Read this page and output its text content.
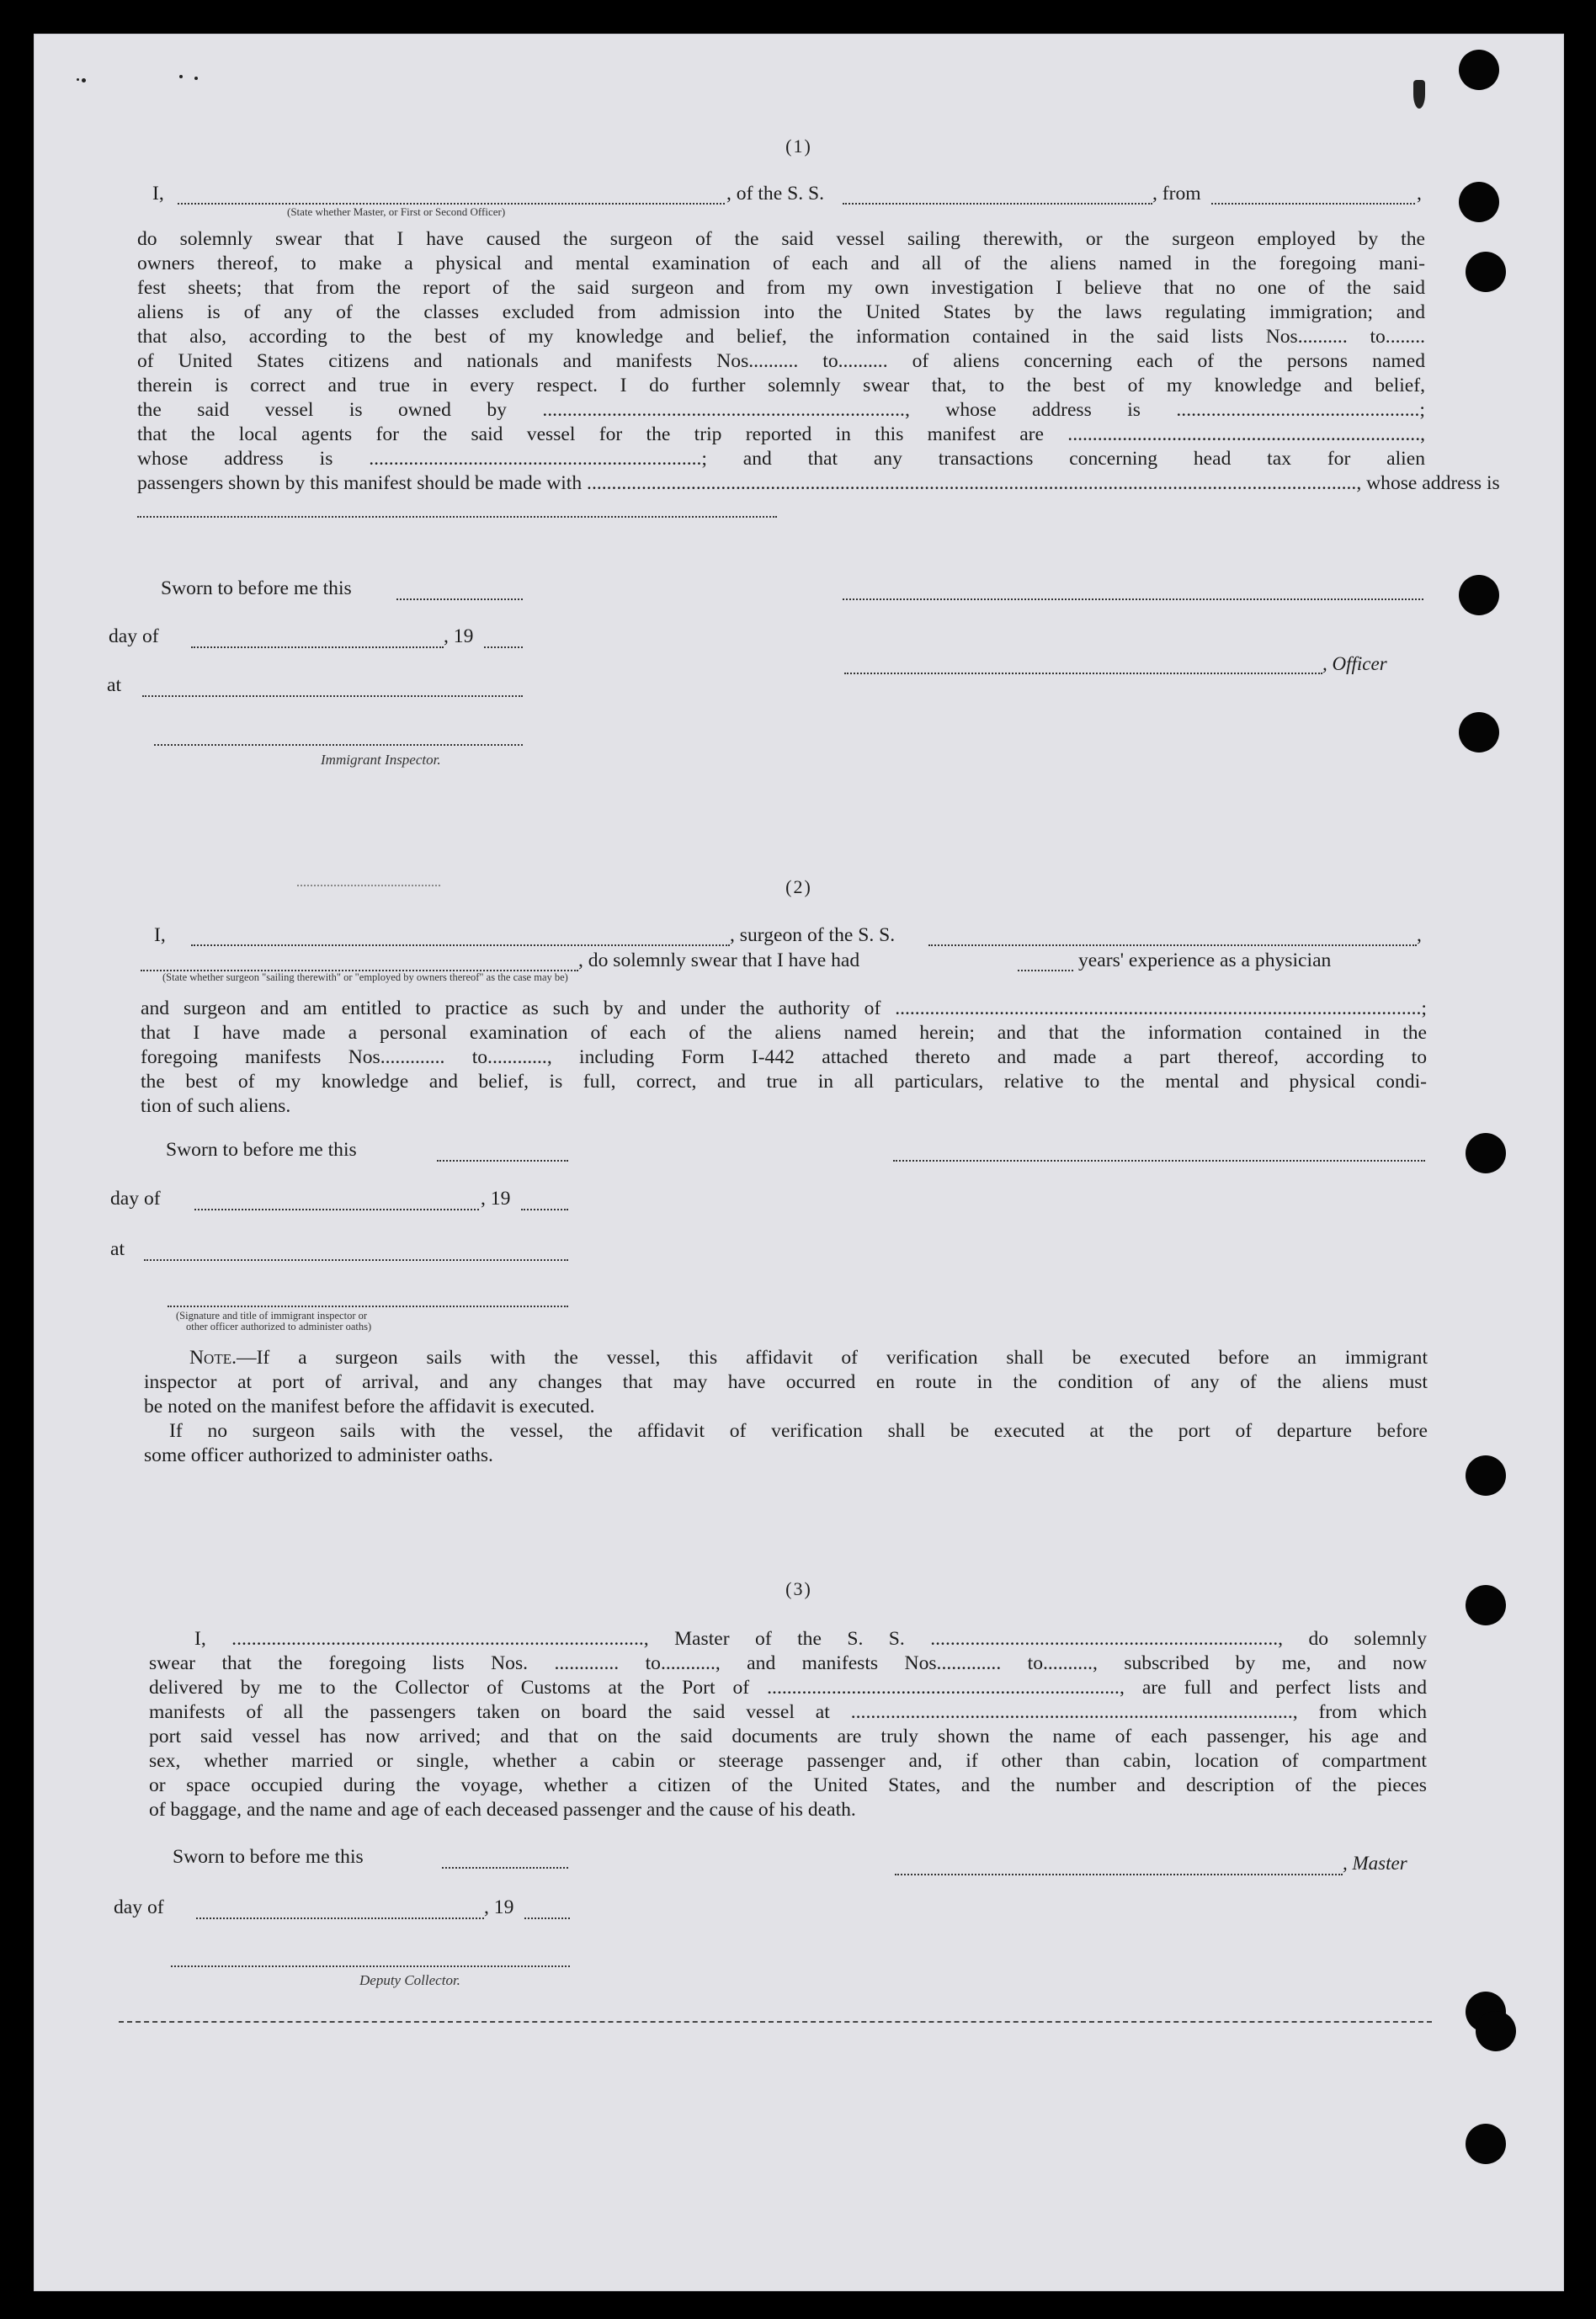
(1)
I,	, of the S. S.	, from	,
(State whether Master, or First or Second Officer)
do solemnly swear that I have caused the surgeon of the said vessel sailing therewith, or the surgeon employed by the
owners thereof, to make a physical and mental examination of each and all of the aliens named in the foregoing mani-
fest sheets; that from the report of the said surgeon and from my own investigation I believe that no one of the said
aliens is of any of the classes excluded from admission into the United States by the laws regulating immigration; and
that also, according to the best of my knowledge and belief, the information contained in the said lists Nos.......... to........
of United States citizens and nationals and manifests Nos.......... to.......... of aliens concerning each of the persons named
therein is correct and true in every respect. I do further solemnly swear that, to the best of my knowledge and belief,
the said vessel is owned by ........................................................................., whose address is .................................................;
that the local agents for the said vessel for the trip reported in this manifest are .......................................................................,
whose address is ...................................................................; and that any transactions concerning head tax for alien
passengers shown by this manifest should be made with ..........................................................................................................................................................., whose address is
Sworn to before me this
day of	, 19
, Officer
at
Immigrant Inspector.
(2)
I,	, surgeon of the S. S.	,
, do solemnly swear that I have had	years' experience as a physician
(State whether surgeon "sailing therewith" or "employed by owners thereof" as the case may be)
and surgeon and am entitled to practice as such by and under the authority of ..........................................................................................................;
that I have made a personal examination of each of the aliens named herein; and that the information contained in the
foregoing manifests Nos............. to............, including Form I-442 attached thereto and made a part thereof, according to
the best of my knowledge and belief, is full, correct, and true in all particulars, relative to the mental and physical condi-
tion of such aliens.
Sworn to before me this
day of	, 19
at
(Signature and title of immigrant inspector or
other officer authorized to administer oaths)
Note.—If a surgeon sails with the vessel, this affidavit of verification shall be executed before an immigrant
inspector at port of arrival, and any changes that may have occurred en route in the condition of any of the aliens must
be noted on the manifest before the affidavit is executed.
If no surgeon sails with the vessel, the affidavit of verification shall be executed at the port of departure before
some officer authorized to administer oaths.
(3)
I, ..................................................................................., Master of the S. S. ......................................................................, do solemnly
swear that the foregoing lists Nos. ............. to..........., and manifests Nos............. to.........., subscribed by me, and now
delivered by me to the Collector of Customs at the Port of ......................................................................., are full and perfect lists and
manifests of all the passengers taken on board the said vessel at ........................................................................................., from which
port said vessel has now arrived; and that on the said documents are truly shown the name of each passenger, his age and
sex, whether married or single, whether a cabin or steerage passenger and, if other than cabin, location of compartment
or space occupied during the voyage, whether a citizen of the United States, and the number and description of the pieces
of baggage, and the name and age of each deceased passenger and the cause of his death.
Sworn to before me this	, Master
day of	, 19
Deputy Collector.
